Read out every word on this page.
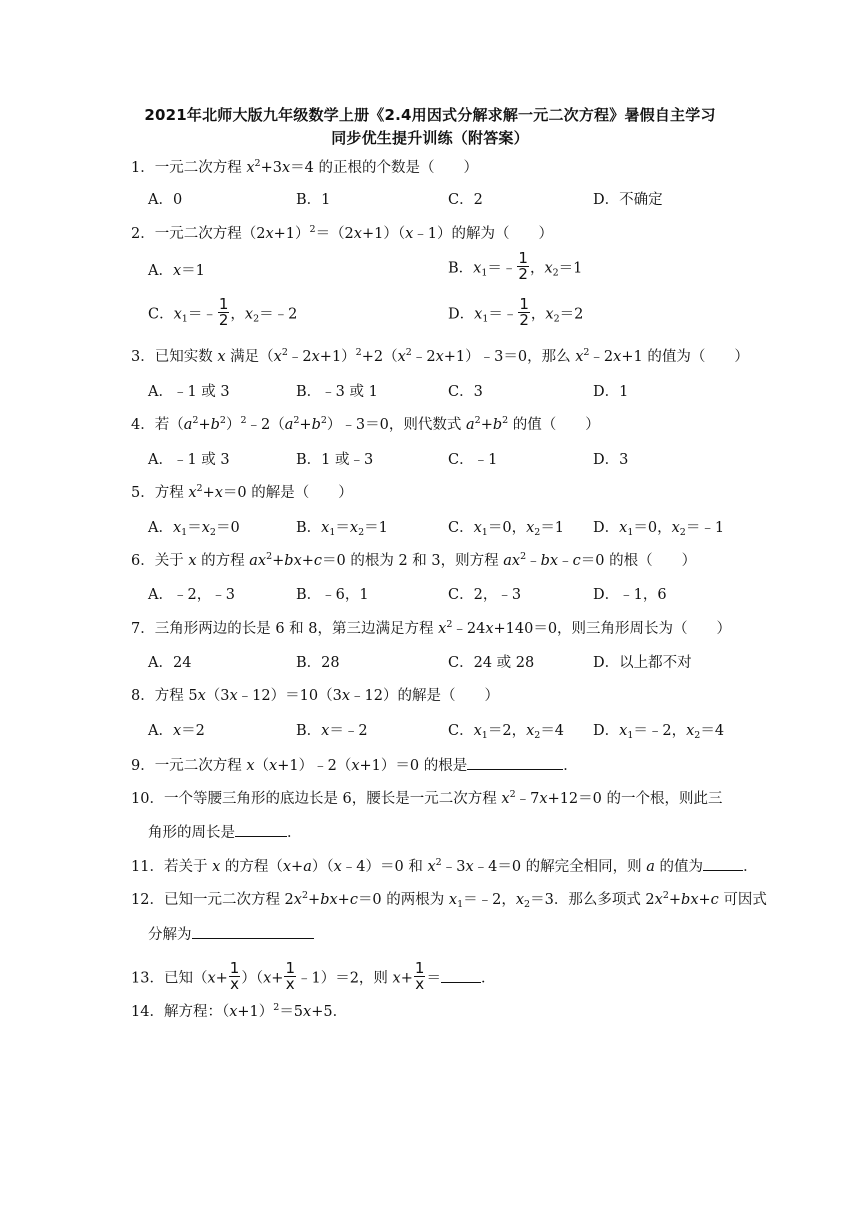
2021年北师大版九年级数学上册《2.4用因式分解求解一元二次方程》暑假自主学习
同步优生提升训练（附答案）
1．一元二次方程 $x^2+3x=4$ 的正根的个数是（　　）
A．0	B．1	C．2	D．不确定
2．一元二次方程$(2x+1)^2=(2x+1)(x﹣1)$的解为（　　）
A．x＝1	B．$x_1=﹣ \frac{1}{2}$ ，$x_2=1$
C．$x_1=﹣ \frac{1}{2}$ ，$x_2=﹣2$	D．$x_1=﹣ \frac{1}{2}$ ，$x_2=2$
3．已知实数 x 满足$(x^2﹣2x+1)^2+2(x^2﹣2x+1)﹣3=0$，那么 $x^2﹣2x+1$ 的值为（　　）
A．﹣1 或 3	B．﹣3 或 1	C．3	D．1
4．若$(a^2+b^2)^2﹣2(a^2+b^2)﹣3=0$，则代数式 $a^2+b^2$ 的值（　　）
A．﹣1 或 3	B．1 或﹣3	C．﹣1	D．3
5．方程 $x^2+x=0$ 的解是（　　）
A．$x_1=x_2=0$	B．$x_1=x_2=1$	C．$x_1=0$，$x_2=1$ D．$x_1=0$，$x_2=﹣1$
6．关于 x 的方程 $ax^2+bx+c=0$ 的根为 2 和 3，则方程 $ax^2﹣bx﹣c=0$ 的根（　　）
A．﹣2，﹣3	B．﹣6，1	C．2，﹣3	D．﹣1，6
7．三角形两边的长是 6 和 8，第三边满足方程 $x^2﹣24x+140=0$，则三角形周长为（　　）
A．24	B．28	C．24 或 28	D．以上都不对
8．方程 5x（3x﹣12）＝10（3x﹣12）的解是（　　）
A．x＝2	B．x＝﹣2	C．$x_1=2$，$x_2=4$ D．$x_1=﹣2$，$x_2=4$
9．一元二次方程 x（x+1）﹣2（x+1）＝0 的根是	．
10．一个等腰三角形的底边长是 6，腰长是一元二次方程 $x^2﹣7x+12=0$ 的一个根，则此三
角形的周长是	．
11．若关于 x 的方程（x+a）（x﹣4）＝0 和 $x^2﹣3x﹣4=0$ 的解完全相同，则 a 的值为	．
12．已知一元二次方程 $2x^2+bx+c=0$ 的两根为 $x_1=﹣2$，$x_2=3$．那么多项式 $2x^2+bx+c$ 可因式
分解为
13．已知$(x+ \frac{1}{x} )(x+ \frac{1}{x}$ ﹣1）＝2，则 $x+ \frac{1}{x}$ ＝	．
14．解方程：$(x+1)^2=5x+5$．
